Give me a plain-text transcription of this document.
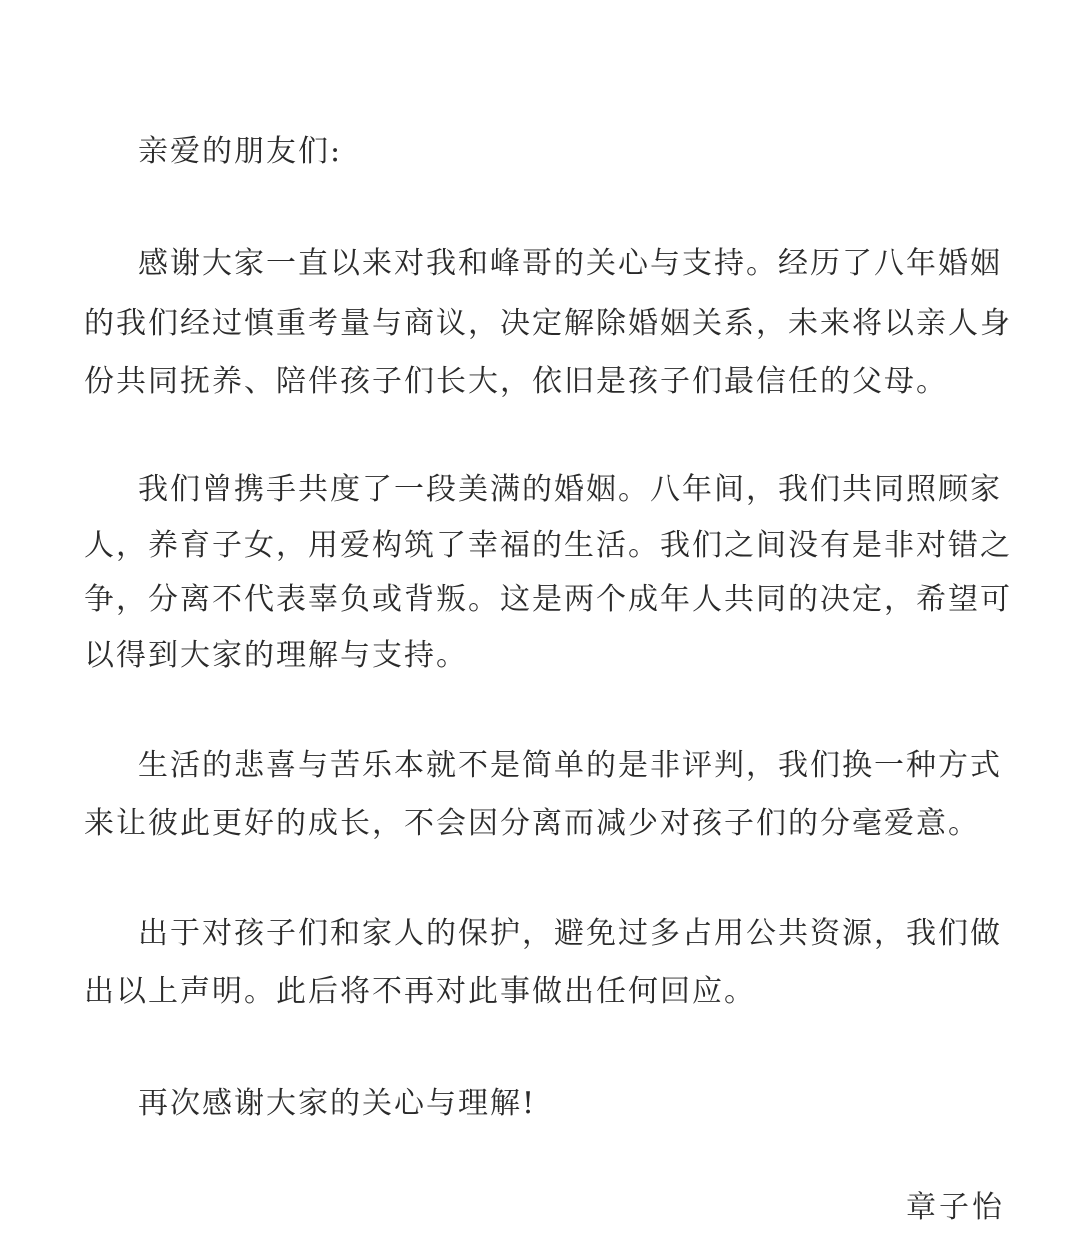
亲爱的朋友们:
感谢大家一直以来对我和峰哥的关心与支持。经历了八年婚姻
的我们经过慎重考量与商议，决定解除婚姻关系，未来将以亲人身
份共同抚养、陪伴孩子们长大，依旧是孩子们最信任的父母。
我们曾携手共度了一段美满的婚姻。八年间，我们共同照顾家
人，养育子女，用爱构筑了幸福的生活。我们之间没有是非对错之
争，分离不代表辜负或背叛。这是两个成年人共同的决定，希望可
以得到大家的理解与支持。
生活的悲喜与苦乐本就不是简单的是非评判，我们换一种方式
来让彼此更好的成长，不会因分离而减少对孩子们的分毫爱意。
出于对孩子们和家人的保护，避免过多占用公共资源，我们做
出以上声明。此后将不再对此事做出任何回应。
再次感谢大家的关心与理解!
章子怡
